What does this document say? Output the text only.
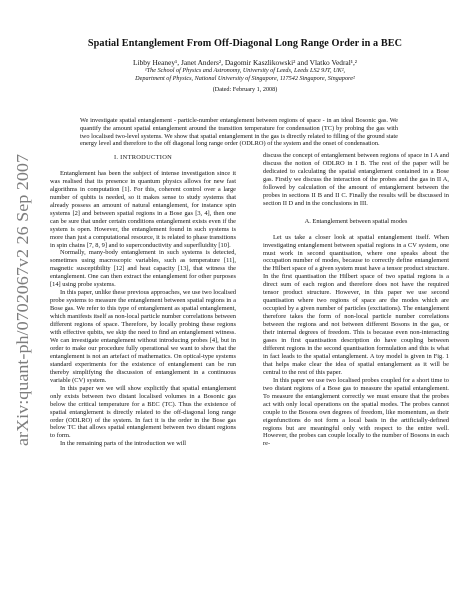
arXiv:quant-ph/0702067v2 26 Sep 2007
Spatial Entanglement From Off-Diagonal Long Range Order in a BEC
Libby Heaney¹, Janet Anders², Dagomir Kaszlikowski² and Vlatko Vedral¹,²
¹The School of Physics and Astronomy, University of Leeds, Leeds LS2 9JT, UK²,
Department of Physics, National University of Singapore, 117542 Singapore, Singapore²
(Dated: February 1, 2008)
We investigate spatial entanglement - particle-number entanglement between regions of space - in an ideal Bosonic gas. We quantify the amount spatial entanglement around the transition temperature for condensation (TC) by probing the gas with two localised two-level systems. We show that spatial entanglement in the gas is directly related to filling of the ground state energy level and therefore to the off diagonal long range order (ODLRO) of the system and the onset of condensation.
I. INTRODUCTION

Entanglement has been the subject of intense investigation since it was realised that its presence in quantum physics allows for new fast algorithms in computation [1]. For this, coherent control over a large number of qubits is needed, so it makes sense to study systems that already possess an amount of natural entanglement, for instance spin systems [2] and between spatial regions in a Bose gas [3, 4], then one can be sure that under certain conditions entanglement exists even if the system is open. However, the entanglement found in such systems is more than just a computational resource, it is related to phase transitions in spin chains [7, 8, 9] and to superconductivity and superfluidity [10].

Normally, many-body entanglement in such systems is detected, sometimes using macroscopic variables, such as temperature [11], magnetic susceptibility [12] and heat capacity [13], that witness the entanglement. One can then extract the entanglement for other purposes [14] using probe systems.

In this paper, unlike these previous approaches, we use two localised probe systems to measure the entanglement between spatial regions in a Bose gas. We refer to this type of entanglement as spatial entanglement, which manifests itself as non-local particle number correlations between different regions of space. Therefore, by locally probing these regions with effective qubits, we skip the need to find an entanglement witness. We can investigate entanglement without introducing probes [4], but in order to make our procedure fully operational we want to show that the entanglement is not an artefact of mathematics. On optical-type systems standard experiments for the existence of entanglement can be run thereby simplifying the discussion of entanglement in a continuous variable (CV) system.

In this paper we we will show explicitly that spatial entanglement only exists between two distant localised volumes in a Bosonic gas below the critical temperature for a BEC (TC). Thus the existence of spatial entanglement is directly related to the off-diagonal long range order (ODLRO) of the system. In fact it is the order in the Bose gas below TC that allows spatial entanglement between two distant regions to form.

In the remaining parts of the introduction we will

discuss the concept of entanglement between regions of space in I A and discuss the notion of ODLRO in I B. The rest of the paper will be dedicated to calculating the spatial entanglement contained in a Bose gas. Firstly we discuss the interaction of the probes and the gas in II A, followed by calculation of the amount of entanglement between the probes in sections II B and II C. Finally the results will be discussed in section II D and in the conclusions in III.

A. Entanglement between spatial modes

Let us take a closer look at spatial entanglement itself. When investigating entanglement between spatial regions in a CV system, one must work in second quantisation, where one speaks about the occupation number of modes, because to correctly define entanglement the Hilbert space of a given system must have a tensor product structure. In the first quantisation the Hilbert space of two spatial regions is a direct sum of each region and therefore does not have the required tensor product structure. However, in this paper we use second quantisation where two regions of space are the modes which are occupied by a given number of particles (excitations). The entanglement therefore takes the form of non-local particle number correlations between the regions and not between different Bosons in the gas, or their internal degrees of freedom. This is because even non-interacting gases in first quantisation description do have coupling between different regions in the second quantisation formulation and this is what in fact leads to the spatial entanglement. A toy model is given in Fig. 1 that helps make clear the idea of spatial entanglement as it will be central to the rest of this paper.

In this paper we use two localised probes coupled for a short time to two distant regions of a Bose gas to measure the spatial entanglement. To measure the entanglement correctly we must ensure that the probes act with only local operations on the spatial modes. The probes cannot couple to the Bosons own degrees of freedom, like momentum, as their eigenfunctions do not form a local basis in the artificially-defined regions but are meaningful only with respect to the entire well. However, the probes can couple locally to the number of Bosons in each re-
